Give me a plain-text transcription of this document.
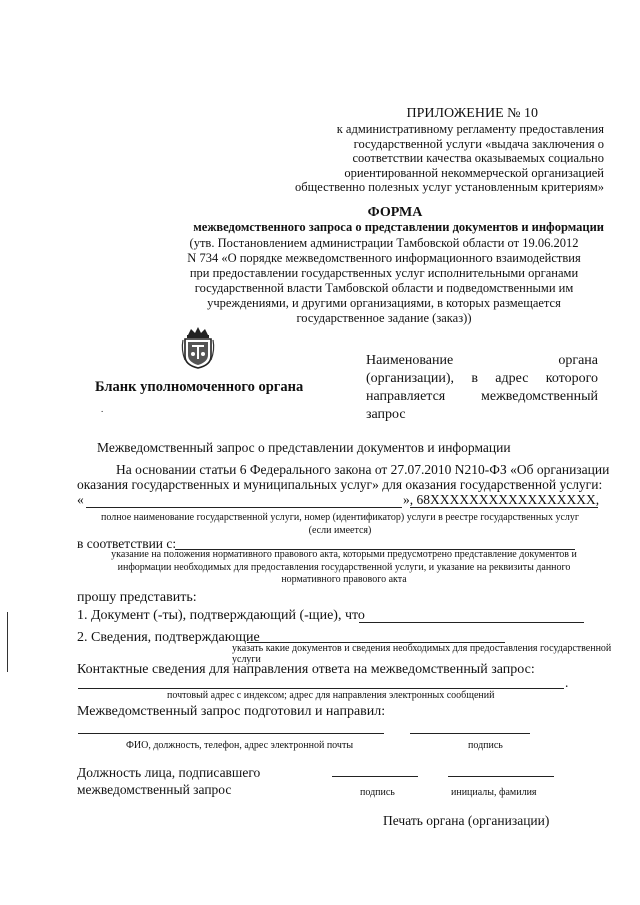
ПРИЛОЖЕНИЕ № 10
к административному регламенту предоставления
государственной услуги «выдача заключения о
соответствии качества оказываемых социально
ориентированной некоммерческой организацией
общественно полезных услуг установленным критериям»
ФОРМА
межведомственного запроса о представлении документов и информации
(утв. Постановлением администрации Тамбовской области от 19.06.2012
N 734 «О порядке межведомственного информационного взаимодействия
при предоставлении государственных услуг исполнительными органами
государственной власти Тамбовской области и подведомственными им
учреждениями, и другими организациями, в которых размещается
государственное задание (заказ))
Бланк уполномоченного органа
.
Наименование органа
(организации), в адрес которого
направляется межведомственный
запрос
Межведомственный запрос о представлении документов и информации
На основании статьи 6 Федерального закона от 27.07.2010 N210-ФЗ «Об организации
оказания государственных и муниципальных услуг» для оказания государственной услуги:
«	», 68XXXXXXXXXXXXXXXXX,
полное наименование государственной услуги, номер (идентификатор) услуги в реестре государственных услуг
(если имеется)
в соответствии с:
указание на положения нормативного правового акта, которыми предусмотрено представление документов и
информации необходимых для предоставления государственной услуги, и указание на реквизиты данного
нормативного правового акта
прошу представить:
1. Документ (-ты), подтверждающий (-щие), что
2. Сведения, подтверждающие
указать какие документов и сведения необходимых для предоставления государственной услуги
Контактные сведения для направления ответа на межведомственный запрос:
.
почтовый адрес с индексом; адрес для направления электронных сообщений
Межведомственный запрос подготовил и направил:
ФИО, должность, телефон, адрес электронной почты	подпись
Должность лица, подписавшего
межведомственный запрос	подпись	инициалы, фамилия
Печать органа (организации)
